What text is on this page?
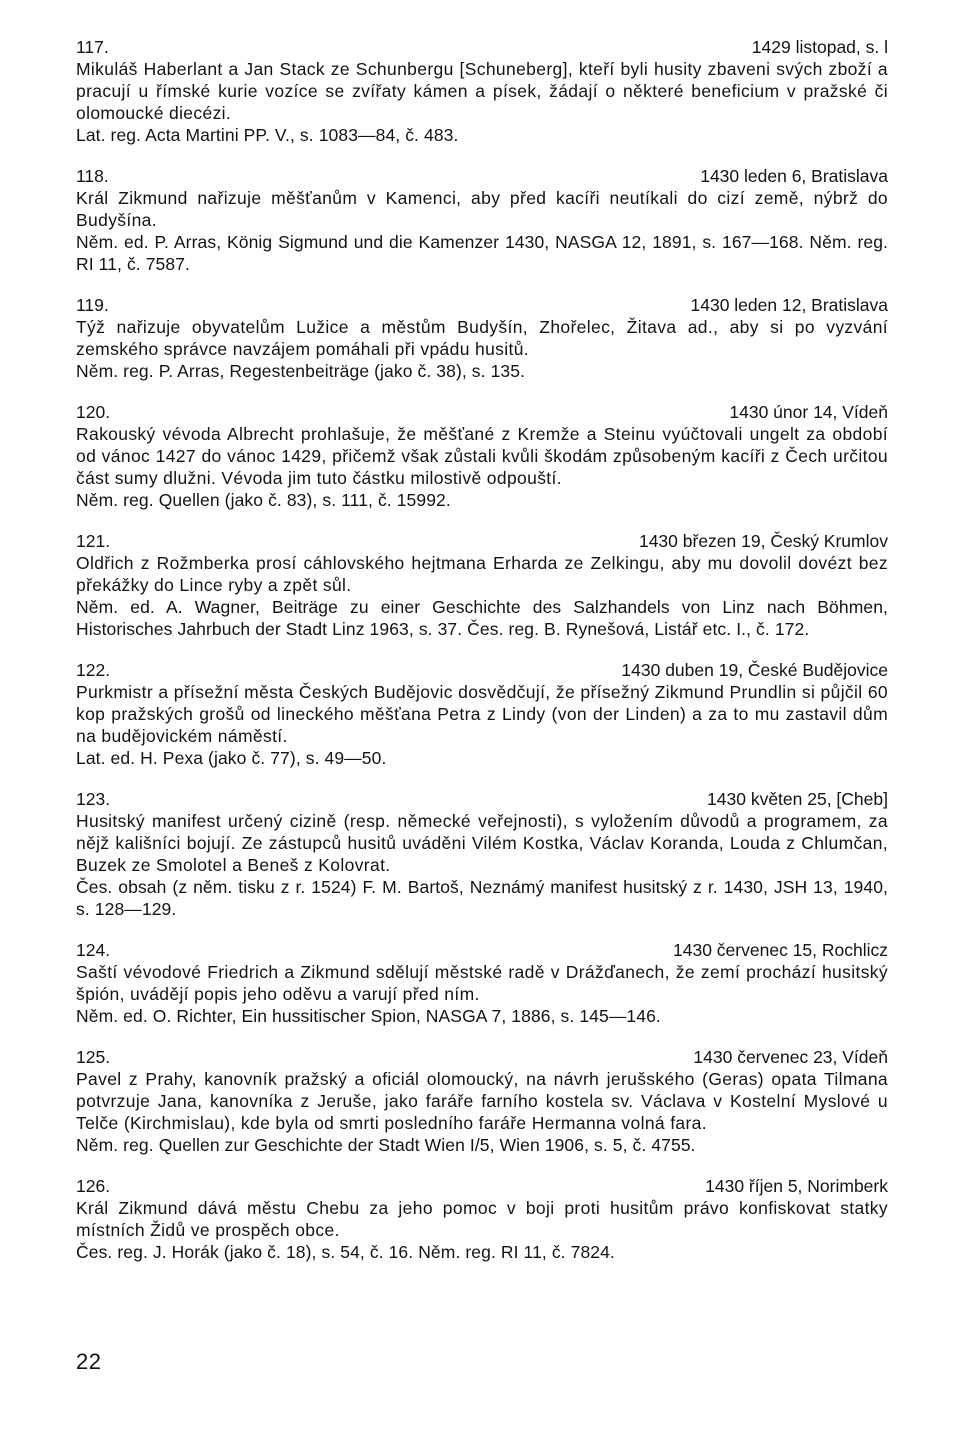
117.	1429 listopad, s. l
Mikuláš Haberlant a Jan Stack ze Schunbergu [Schuneberg], kteří byli husity zbaveni svých zboží a pracují u římské kurie vozíce se zvířaty kámen a písek, žádají o některé beneficium v pražské či olomoucké diecézi.
Lat. reg. Acta Martini PP. V., s. 1083—84, č. 483.
118.	1430 leden 6, Bratislava
Král Zikmund nařizuje měšťanům v Kamenci, aby před kacíři neutíkali do cizí země, nýbrž do Budyšína.
Něm. ed. P. Arras, König Sigmund und die Kamenzer 1430, NASGA 12, 1891, s. 167—168. Něm. reg. RI 11, č. 7587.
119.	1430 leden 12, Bratislava
Týž nařizuje obyvatelům Lužice a městům Budyšín, Zhořelec, Žitava ad., aby si po vyzvání zemského správce navzájem pomáhali při vpádu husitů.
Něm. reg. P. Arras, Regestenbeiträge (jako č. 38), s. 135.
120.	1430 únor 14, Vídeň
Rakouský vévoda Albrecht prohlašuje, že měšťané z Kremže a Steinu vyúčtovali ungelt za období od vánoc 1427 do vánoc 1429, přičemž však zůstali kvůli škodám způsobeným kacíři z Čech určitou část sumy dlužni. Vévoda jim tuto částku milostivě odpouští.
Něm. reg. Quellen (jako č. 83), s. 111, č. 15992.
121.	1430 březen 19, Český Krumlov
Oldřich z Rožmberka prosí cáhlovského hejtmana Erharda ze Zelkingu, aby mu dovolil dovézt bez překážky do Lince ryby a zpět sůl.
Něm. ed. A. Wagner, Beiträge zu einer Geschichte des Salzhandels von Linz nach Böhmen, Historisches Jahrbuch der Stadt Linz 1963, s. 37. Čes. reg. B. Rynešová, Listář etc. I., č. 172.
122.	1430 duben 19, České Budějovice
Purkmistr a přísežní města Českých Budějovic dosvědčují, že přísežný Zikmund Prundlin si půjčil 60 kop pražských grošů od lineckého měšťana Petra z Lindy (von der Linden) a za to mu zastavil dům na budějovickém náměstí.
Lat. ed. H. Pexa (jako č. 77), s. 49—50.
123.	1430 květen 25, [Cheb]
Husitský manifest určený cizině (resp. německé veřejnosti), s vyložením důvodů a programem, za nějž kališníci bojují. Ze zástupců husitů uváděni Vilém Kostka, Václav Koranda, Louda z Chlumčan, Buzek ze Smolotel a Beneš z Kolovrat.
Čes. obsah (z něm. tisku z r. 1524) F. M. Bartoš, Neznámý manifest husitský z r. 1430, JSH 13, 1940, s. 128—129.
124.	1430 červenec 15, Rochlicz
Saští vévodové Friedrich a Zikmund sdělují městské radě v Drážďanech, že zemí prochází husitský špión, uvádějí popis jeho oděvu a varují před ním.
Něm. ed. O. Richter, Ein hussitischer Spion, NASGA 7, 1886, s. 145—146.
125.	1430 červenec 23, Vídeň
Pavel z Prahy, kanovník pražský a oficiál olomoucký, na návrh jerušského (Geras) opata Tilmana potvrzuje Jana, kanovníka z Jeruše, jako faráře farního kostela sv. Václava v Kostelní Myslové u Telče (Kirchmislau), kde byla od smrti posledního faráře Hermanna volná fara.
Něm. reg. Quellen zur Geschichte der Stadt Wien I/5, Wien 1906, s. 5, č. 4755.
126.	1430 říjen 5, Norimberk
Král Zikmund dává městu Chebu za jeho pomoc v boji proti husitům právo konfiskovat statky místních Židů ve prospěch obce.
Čes. reg. J. Horák (jako č. 18), s. 54, č. 16. Něm. reg. RI 11, č. 7824.
22
